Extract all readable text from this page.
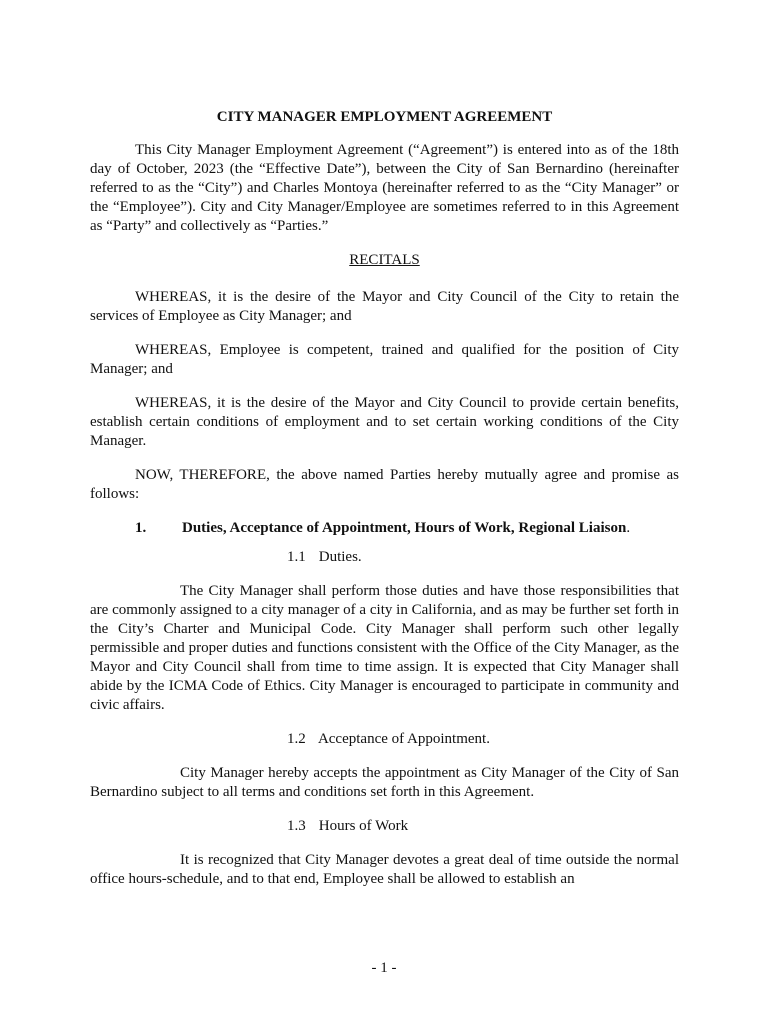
CITY MANAGER EMPLOYMENT AGREEMENT

This City Manager Employment Agreement (“Agreement”) is entered into as of the 18th day of October, 2023 (the “Effective Date”), between the City of San Bernardino (hereinafter referred to as the “City”) and Charles Montoya (hereinafter referred to as the “City Manager” or the “Employee”). City and City Manager/Employee are sometimes referred to in this Agreement as “Party” and collectively as “Parties.”

RECITALS

WHEREAS, it is the desire of the Mayor and City Council of the City to retain the services of Employee as City Manager; and

WHEREAS, Employee is competent, trained and qualified for the position of City Manager; and

WHEREAS, it is the desire of the Mayor and City Council to provide certain benefits, establish certain conditions of employment and to set certain working conditions of the City Manager.

NOW, THEREFORE, the above named Parties hereby mutually agree and promise as follows:

1.	Duties, Acceptance of Appointment, Hours of Work, Regional Liaison.

1.1 Duties.

The City Manager shall perform those duties and have those responsibilities that are commonly assigned to a city manager of a city in California, and as may be further set forth in the City’s Charter and Municipal Code. City Manager shall perform such other legally permissible and proper duties and functions consistent with the Office of the City Manager, as the Mayor and City Council shall from time to time assign. It is expected that City Manager shall abide by the ICMA Code of Ethics. City Manager is encouraged to participate in community and civic affairs.

1.2 Acceptance of Appointment.

City Manager hereby accepts the appointment as City Manager of the City of San Bernardino subject to all terms and conditions set forth in this Agreement.

1.3 Hours of Work

It is recognized that City Manager devotes a great deal of time outside the normal office hours-schedule, and to that end, Employee shall be allowed to establish an

- 1 -
